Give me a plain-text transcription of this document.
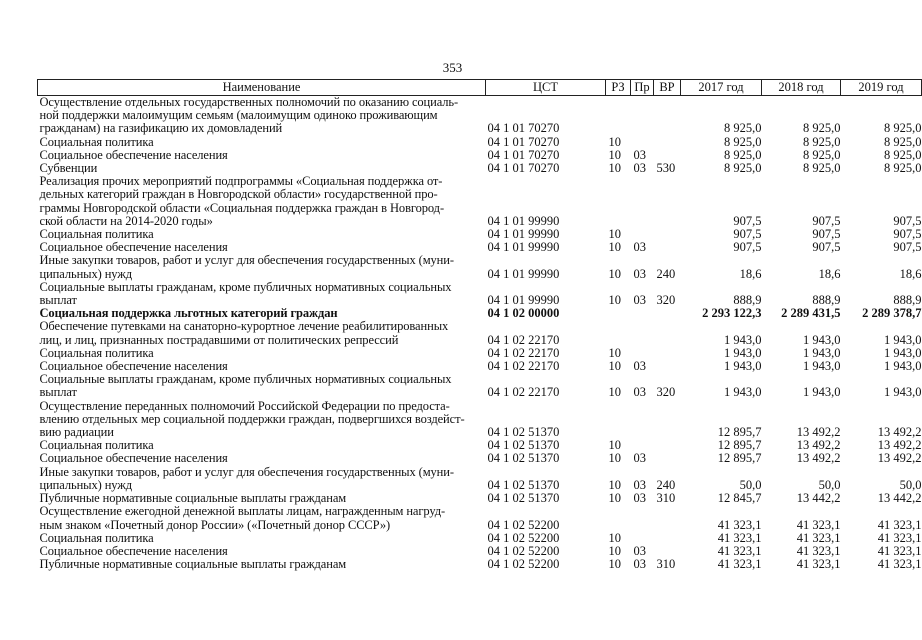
353
Наименование	ЦСТ	РЗ	Пр	ВР	2017 год	2018 год	2019 год

Осуществление отдельных государственных полномочий по оказанию социаль-
ной поддержки малоимущим семьям (малоимущим одиноко проживающим
гражданам) на газификацию их домовладений	04 1 01 70270				8 925,0	8 925,0	8 925,0

Социальная политика	04 1 01 70270	10			8 925,0	8 925,0	8 925,0

Социальное обеспечение населения	04 1 01 70270	10	03		8 925,0	8 925,0	8 925,0

Субвенции	04 1 01 70270	10	03	530	8 925,0	8 925,0	8 925,0

Реализация прочих мероприятий подпрограммы «Социальная поддержка от-
дельных категорий граждан в Новгородской области» государственной про-
граммы Новгородской области «Социальная поддержка граждан в Новгород-
ской области на 2014-2020 годы»	04 1 01 99990				907,5	907,5	907,5

Социальная политика	04 1 01 99990	10			907,5	907,5	907,5

Социальное обеспечение населения	04 1 01 99990	10	03		907,5	907,5	907,5

Иные закупки товаров, работ и услуг для обеспечения государственных (муни-
ципальных) нужд	04 1 01 99990	10	03	240	18,6	18,6	18,6

Социальные выплаты гражданам, кроме публичных нормативных социальных
выплат	04 1 01 99990	10	03	320	888,9	888,9	888,9

Социальная поддержка льготных категорий граждан	04 1 02 00000				2 293 122,3	2 289 431,5	2 289 378,7

Обеспечение путевками на санаторно-курортное лечение реабилитированных
лиц, и лиц, признанных пострадавшими от политических репрессий	04 1 02 22170				1 943,0	1 943,0	1 943,0

Социальная политика	04 1 02 22170	10			1 943,0	1 943,0	1 943,0

Социальное обеспечение населения	04 1 02 22170	10	03		1 943,0	1 943,0	1 943,0

Социальные выплаты гражданам, кроме публичных нормативных социальных
выплат	04 1 02 22170	10	03	320	1 943,0	1 943,0	1 943,0

Осуществление переданных полномочий Российской Федерации по предоста-
влению отдельных мер социальной поддержки граждан, подвергшихся воздейст-
вию радиации	04 1 02 51370				12 895,7	13 492,2	13 492,2

Социальная политика	04 1 02 51370	10			12 895,7	13 492,2	13 492,2

Социальное обеспечение населения	04 1 02 51370	10	03		12 895,7	13 492,2	13 492,2

Иные закупки товаров, работ и услуг для обеспечения государственных (муни-
ципальных) нужд	04 1 02 51370	10	03	240	50,0	50,0	50,0

Публичные нормативные социальные выплаты гражданам	04 1 02 51370	10	03	310	12 845,7	13 442,2	13 442,2

Осуществление ежегодной денежной выплаты лицам, награжденным нагруд-
ным знаком «Почетный донор России» («Почетный донор СССР»)	04 1 02 52200				41 323,1	41 323,1	41 323,1

Социальная политика	04 1 02 52200	10			41 323,1	41 323,1	41 323,1

Социальное обеспечение населения	04 1 02 52200	10	03		41 323,1	41 323,1	41 323,1

Публичные нормативные социальные выплаты гражданам	04 1 02 52200	10	03	310	41 323,1	41 323,1	41 323,1
